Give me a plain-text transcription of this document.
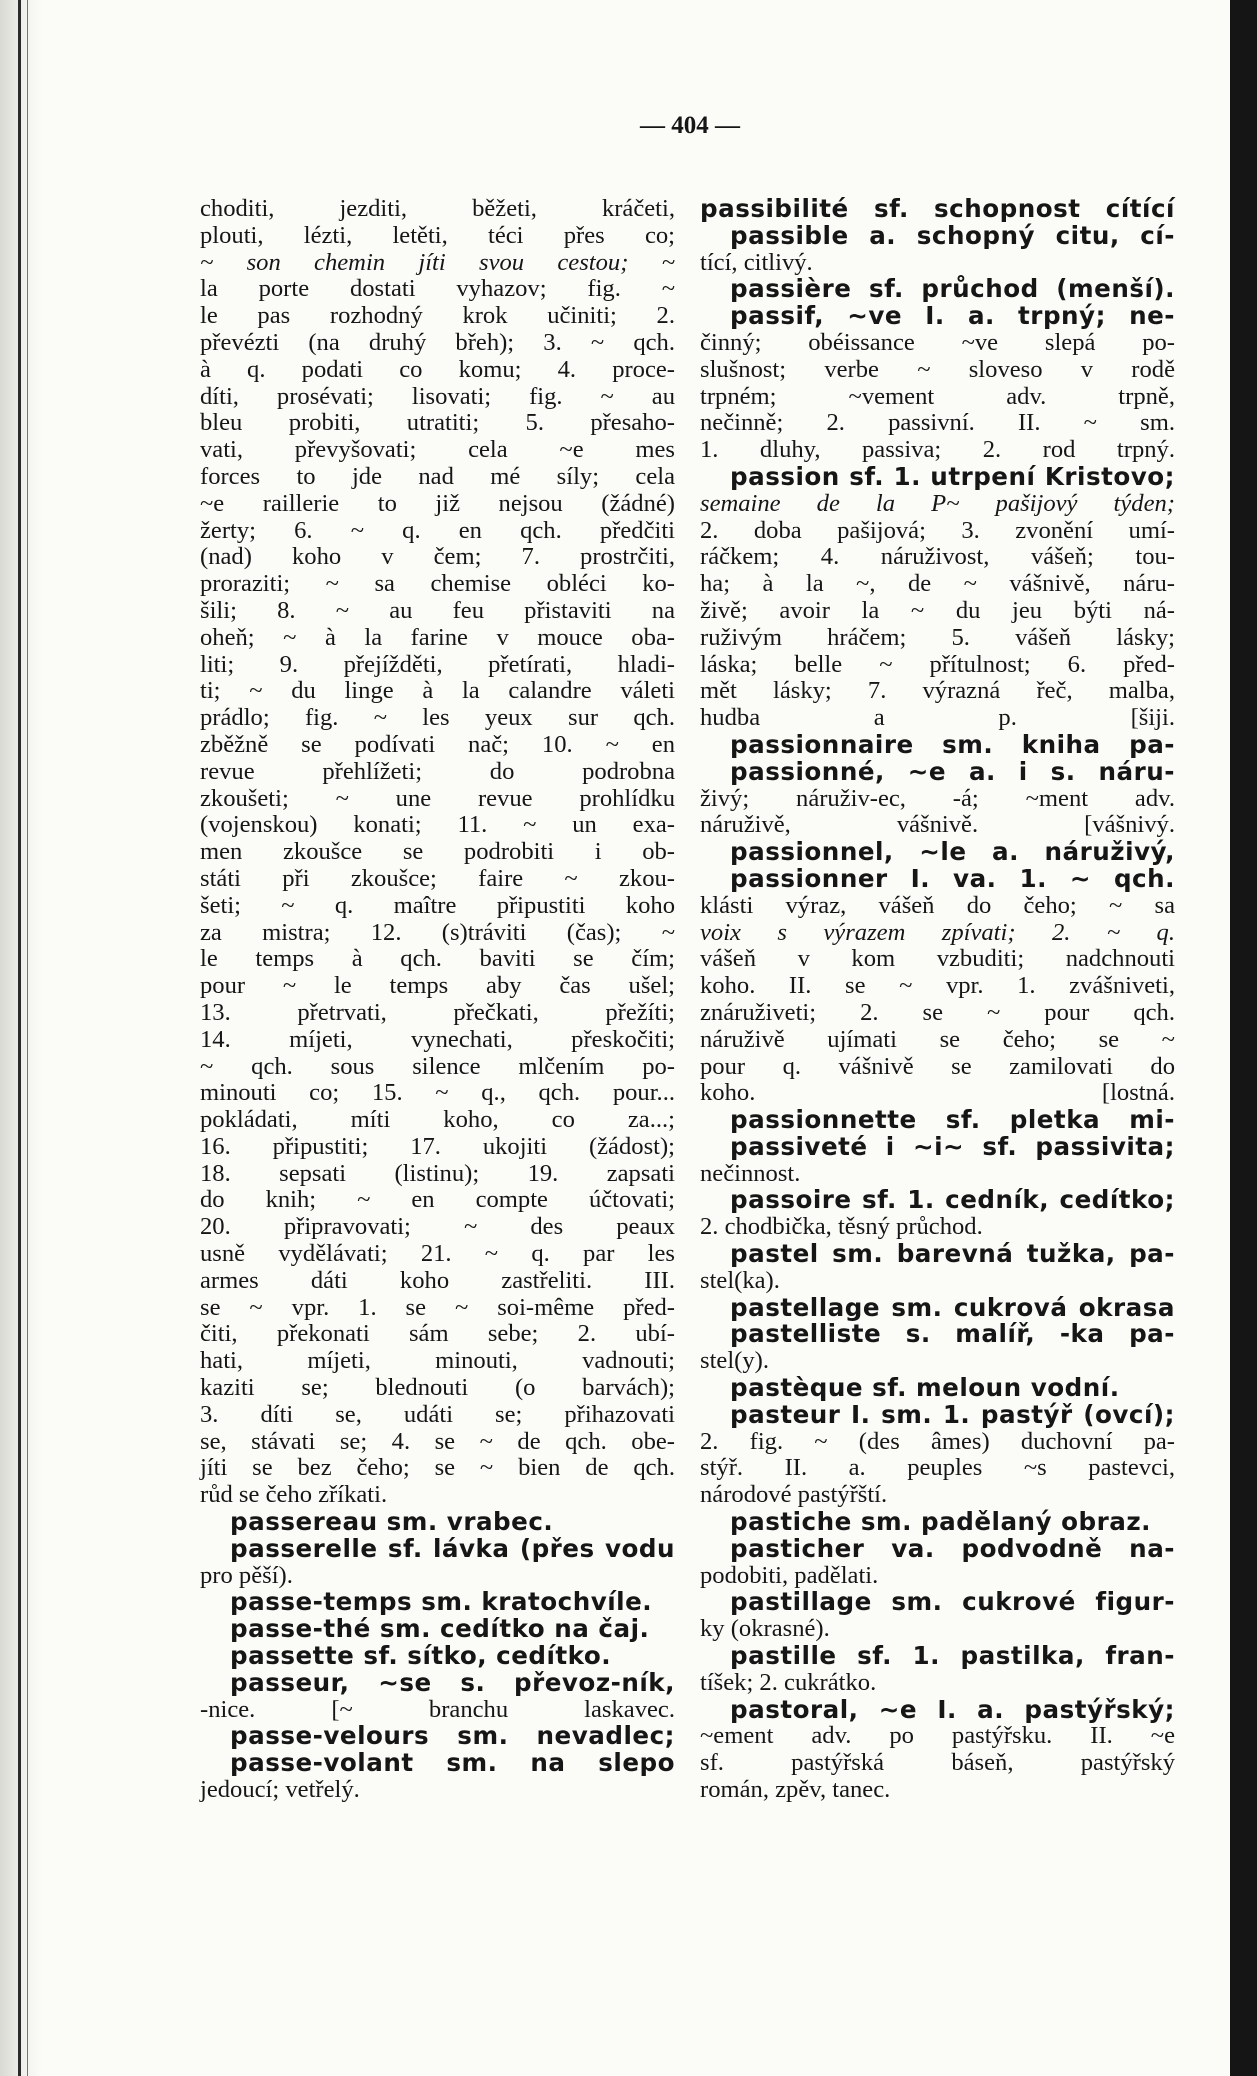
— 404 —

choditi, jezditi, běžeti, kráčeti,

plouti, lézti, letěti, téci přes co;

~ son chemin jíti svou cestou; ~

la porte dostati vyhazov; fig. ~

le pas rozhodný krok učiniti; 2.

převézti (na druhý břeh); 3. ~ qch.

à q. podati co komu; 4. proce-

díti, prosévati; lisovati; fig. ~ au

bleu probiti, utratiti; 5. přesaho-

vati, převyšovati; cela ~e mes

forces to jde nad mé síly; cela

~e raillerie to již nejsou (žádné)

žerty; 6. ~ q. en qch. předčiti

(nad) koho v čem; 7. prostrčiti,

proraziti; ~ sa chemise obléci ko-

šili; 8. ~ au feu přistaviti na

oheň; ~ à la farine v mouce oba-

liti; 9. přejížděti, přetírati, hladi-

ti; ~ du linge à la calandre váleti

prádlo; fig. ~ les yeux sur qch.

zběžně se podívati nač; 10. ~ en

revue přehlížeti; do podrobna

zkoušeti; ~ une revue prohlídku

(vojenskou) konati; 11. ~ un exa-

men zkoušce se podrobiti i ob-

státi při zkoušce; faire ~ zkou-

šeti; ~ q. maître připustiti koho

za mistra; 12. (s)tráviti (čas); ~

le temps à qch. baviti se čím;

pour ~ le temps aby čas ušel;

13. přetrvati, přečkati, přežíti;

14. míjeti, vynechati, přeskočiti;

~ qch. sous silence mlčením po-

minouti co; 15. ~ q., qch. pour...

pokládati, míti koho, co za...;

16. připustiti; 17. ukojiti (žádost);

18. sepsati (listinu); 19. zapsati

do knih; ~ en compte účtovati;

20. připravovati; ~ des peaux

usně vydělávati; 21. ~ q. par les

armes dáti koho zastřeliti. III.

se ~ vpr. 1. se ~ soi-même před-

čiti, překonati sám sebe; 2. ubí-

hati, míjeti, minouti, vadnouti;

kaziti se; blednouti (o barvách);

3. díti se, udáti se; přihazovati

se, stávati se; 4. se ~ de qch. obe-

jíti se bez čeho; se ~ bien de qch.

růd se čeho zříkati.

passereau sm. vrabec.

passerelle sf. lávka (přes vodu

pro pěší).

passe-temps sm. kratochvíle.

passe-thé sm. cedítko na čaj.

passette sf. sítko, cedítko.

passeur, ~se s. převoz-ník,

-nice. [~ branchu laskavec.

passe-velours sm. nevadlec;

passe-volant sm. na slepo

jedoucí; vetřelý.

passibilité sf. schopnost cítící

passible a. schopný citu, cí-

tící, citlivý.

passière sf. průchod (menší).

passif, ~ve I. a. trpný; ne-

činný; obéissance ~ve slepá po-

slušnost; verbe ~ sloveso v rodě

trpném; ~vement adv. trpně,

nečinně; 2. passivní. II. ~ sm.

1. dluhy, passiva; 2. rod trpný.

passion sf. 1. utrpení Kristovo;

semaine de la P~ pašijový týden;

2. doba pašijová; 3. zvonění umí-

ráčkem; 4. náruživost, vášeň; tou-

ha; à la ~, de ~ vášnivě, náru-

živě; avoir la ~ du jeu býti ná-

ruživým hráčem; 5. vášeň lásky;

láska; belle ~ přítulnost; 6. před-

mět lásky; 7. výrazná řeč, malba,

hudba a p. [šiji.

passionnaire sm. kniha pa-

passionné, ~e a. i s. náru-

živý; náruživ-ec, -á; ~ment adv.

náruživě, vášnivě. [vášnivý.

passionnel, ~le a. náruživý,

passionner I. va. 1. ~ qch.

klásti výraz, vášeň do čeho; ~ sa

voix s výrazem zpívati; 2. ~ q.

vášeň v kom vzbuditi; nadchnouti

koho. II. se ~ vpr. 1. zvášniveti,

znáruživeti; 2. se ~ pour qch.

náruživě ujímati se čeho; se ~

pour q. vášnivě se zamilovati do

koho. [lostná.

passionnette sf. pletka mi-

passiveté i ~i~ sf. passivita;

nečinnost.

passoire sf. 1. cedník, cedítko;

2. chodbička, těsný průchod.

pastel sm. barevná tužka, pa-

stel(ka).

pastellage sm. cukrová okrasa

pastelliste s. malíř, -ka pa-

stel(y).

pastèque sf. meloun vodní.

pasteur I. sm. 1. pastýř (ovcí);

2. fig. ~ (des âmes) duchovní pa-

stýř. II. a. peuples ~s pastevci,

národové pastýřští.

pastiche sm. padělaný obraz.

pasticher va. podvodně na-

podobiti, padělati.

pastillage sm. cukrové figur-

ky (okrasné).

pastille sf. 1. pastilka, fran-

tíšek; 2. cukrátko.

pastoral, ~e I. a. pastýřský;

~ement adv. po pastýřsku. II. ~e

sf. pastýřská báseň, pastýřský

román, zpěv, tanec.
